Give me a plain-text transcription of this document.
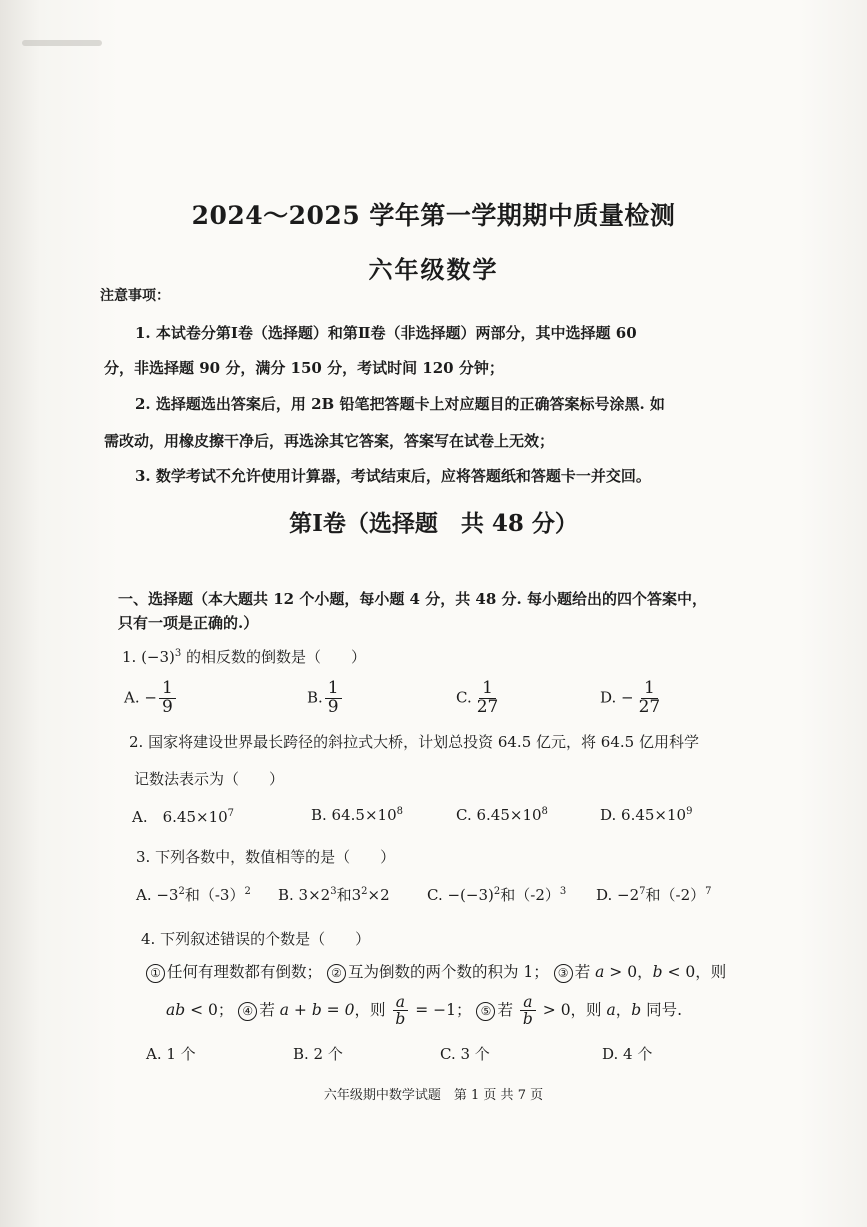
2024～2025 学年第一学期期中质量检测
六年级数学
注意事项：
1. 本试卷分第Ⅰ卷（选择题）和第Ⅱ卷（非选择题）两部分，其中选择题 60
分，非选择题 90 分，满分 150 分，考试时间 120 分钟；
2. 选择题选出答案后，用 2B 铅笔把答题卡上对应题目的正确答案标号涂黑. 如
需改动，用橡皮擦干净后，再选涂其它答案，答案写在试卷上无效；
3. 数学考试不允许使用计算器，考试结束后，应将答题纸和答题卡一并交回。
第Ⅰ卷（选择题　共 48 分）
一、选择题（本大题共 12 个小题，每小题 4 分，共 48 分. 每小题给出的四个答案中，
只有一项是正确的.）
1. $(-3)^3$ 的相反数的倒数是（　　）
A. − $\frac{1}{9}$	B. $\frac{1}{9}$	C. $\frac{1}{27}$	D. − $\frac{1}{27}$
2. 国家将建设世界最长跨径的斜拉式大桥，计划总投资 64.5 亿元，将 64.5 亿用科学
记数法表示为（　　）
A.　$6.45\times 10^7$	B. $64.5\times 10^8$	C. $6.45\times 10^8$	D. $6.45\times 10^9$
3. 下列各数中，数值相等的是（　　）
A. $-3^2$和$(-3)^2$ B. $3\times 2^3$和$3^2\times 2$ C. $-(-3)^2$和$(-2)^3$ D. $-2^7$和$(-2)^7$
4. 下列叙述错误的个数是（　　）
① 任何有理数都有倒数； ② 互为倒数的两个数的积为 1； ③ 若 a > 0，b < 0，则
ab < 0； ④ 若 a + b = 0，则 $\frac{a}{b} = -1$； ⑤ 若 $\frac{a}{b} > 0$，则 a，b 同号.
A. 1 个	B. 2 个	C. 3 个	D. 4 个
六年级期中数学试题　第 1 页 共 7 页
